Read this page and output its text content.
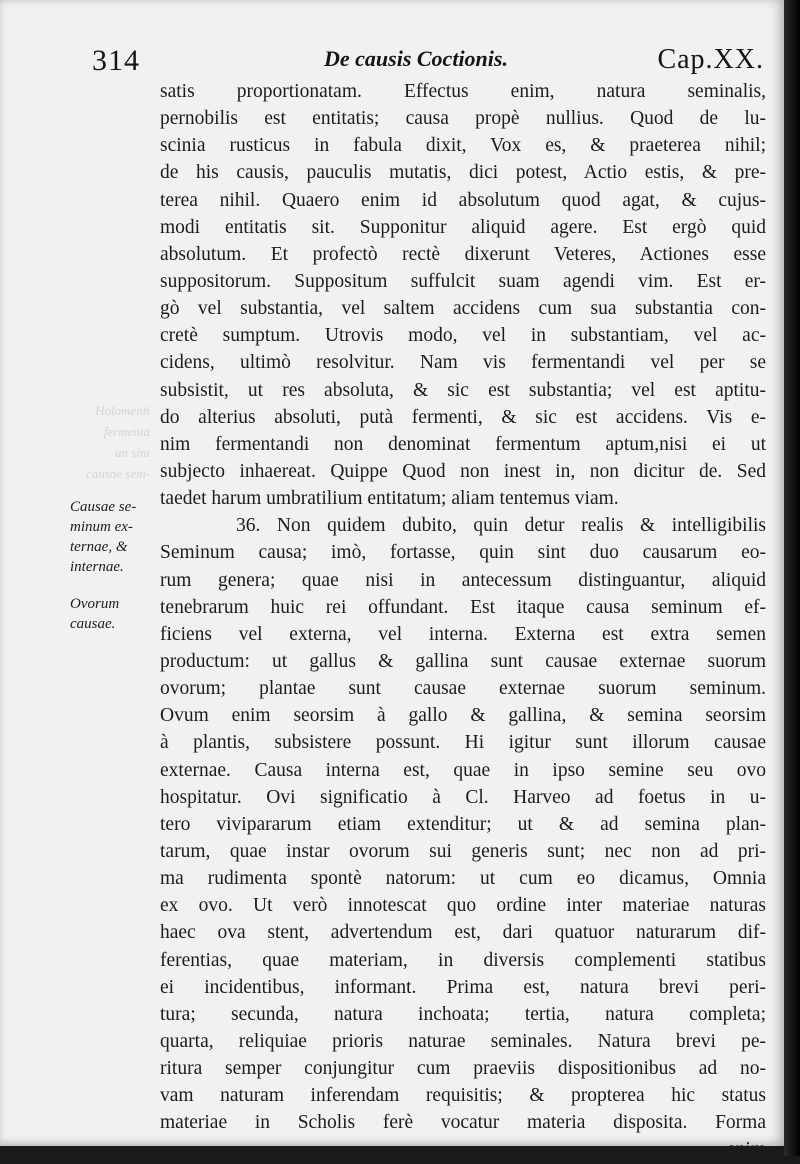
314	De causis Coctionis.	Cap.XX.
Holomenti
fermenta
an sint
causae sem-
Causae se-
minum ex-
ternae, &
internae.
Ovorum
causae.
satis proportionatam. Effectus enim, natura seminalis,
pernobilis est entitatis; causa propè nullius. Quod de lu-
scinia rusticus in fabula dixit, Vox es, & praeterea nihil;
de his causis, pauculis mutatis, dici potest, Actio estis, & pre-
terea nihil. Quaero enim id absolutum quod agat, & cujus-
modi entitatis sit. Supponitur aliquid agere. Est ergò quid
absolutum. Et profectò rectè dixerunt Veteres, Actiones esse
suppositorum. Suppositum suffulcit suam agendi vim. Est er-
gò vel substantia, vel saltem accidens cum sua substantia con-
cretè sumptum. Utrovis modo, vel in substantiam, vel ac-
cidens, ultimò resolvitur. Nam vis fermentandi vel per se
subsistit, ut res absoluta, & sic est substantia; vel est aptitu-
do alterius absoluti, putà fermenti, & sic est accidens. Vis e-
nim fermentandi non denominat fermentum aptum,nisi ei ut
subjecto inhaereat. Quippe Quod non inest in, non dicitur de. Sed
taedet harum umbratilium entitatum; aliam tentemus viam.
36. Non quidem dubito, quin detur realis & intelligibilis
Seminum causa; imò, fortasse, quin sint duo causarum eo-
rum genera; quae nisi in antecessum distinguantur, aliquid
tenebrarum huic rei offundant. Est itaque causa seminum ef-
ficiens vel externa, vel interna. Externa est extra semen
productum: ut gallus & gallina sunt causae externae suorum
ovorum; plantae sunt causae externae suorum seminum.
Ovum enim seorsim à gallo & gallina, & semina seorsim
à plantis, subsistere possunt. Hi igitur sunt illorum causae
externae. Causa interna est, quae in ipso semine seu ovo
hospitatur. Ovi significatio à Cl. Harveo ad foetus in u-
tero vivipararum etiam extenditur; ut & ad semina plan-
tarum, quae instar ovorum sui generis sunt; nec non ad pri-
ma rudimenta spontè natorum: ut cum eo dicamus, Omnia
ex ovo. Ut verò innotescat quo ordine inter materiae naturas
haec ova stent, advertendum est, dari quatuor naturarum dif-
ferentias, quae materiam, in diversis complementi statibus
ei incidentibus, informant. Prima est, natura brevi peri-
tura; secunda, natura inchoata; tertia, natura completa;
quarta, reliquiae prioris naturae seminales. Natura brevi pe-
ritura semper conjungitur cum praeviis dispositionibus ad no-
vam naturam inferendam requisitis; & propterea hic status
materiae in Scholis ferè vocatur materia disposita. Forma
enim
